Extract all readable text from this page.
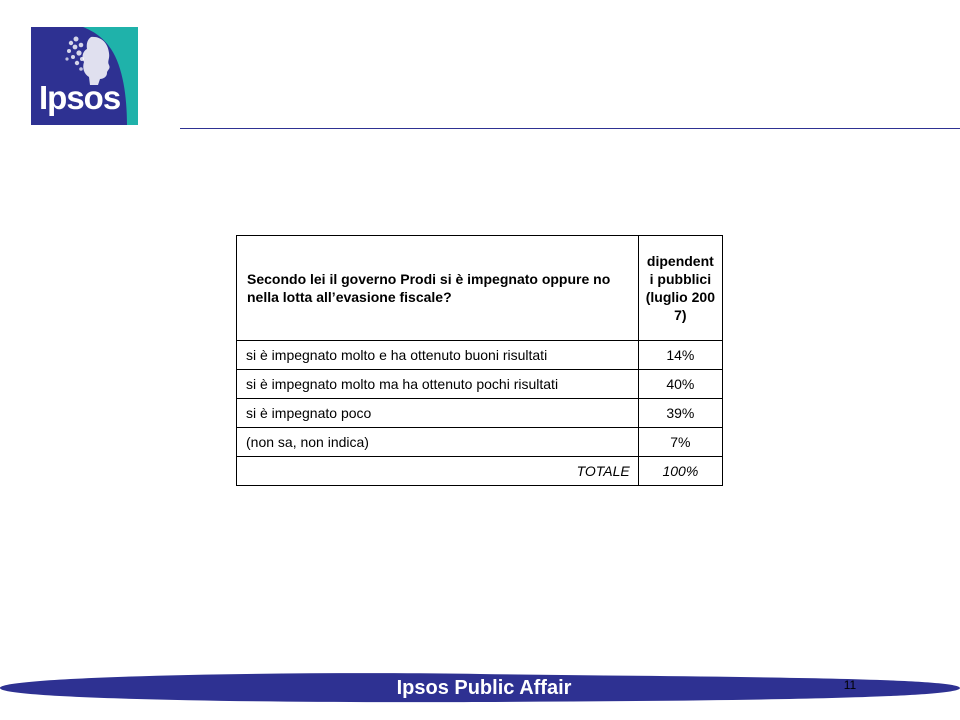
Ipsos
Secondo lei il governo Prodi si è impegnato oppure no nella lotta all’evasione fiscale?	dipendenti pubblici (luglio 2007)
si è impegnato molto e ha ottenuto buoni risultati	14%
si è impegnato molto ma ha ottenuto pochi risultati	40%
si è impegnato poco	39%
(non sa, non indica)	7%
TOTALE	100%
Ipsos Public Affair	11
